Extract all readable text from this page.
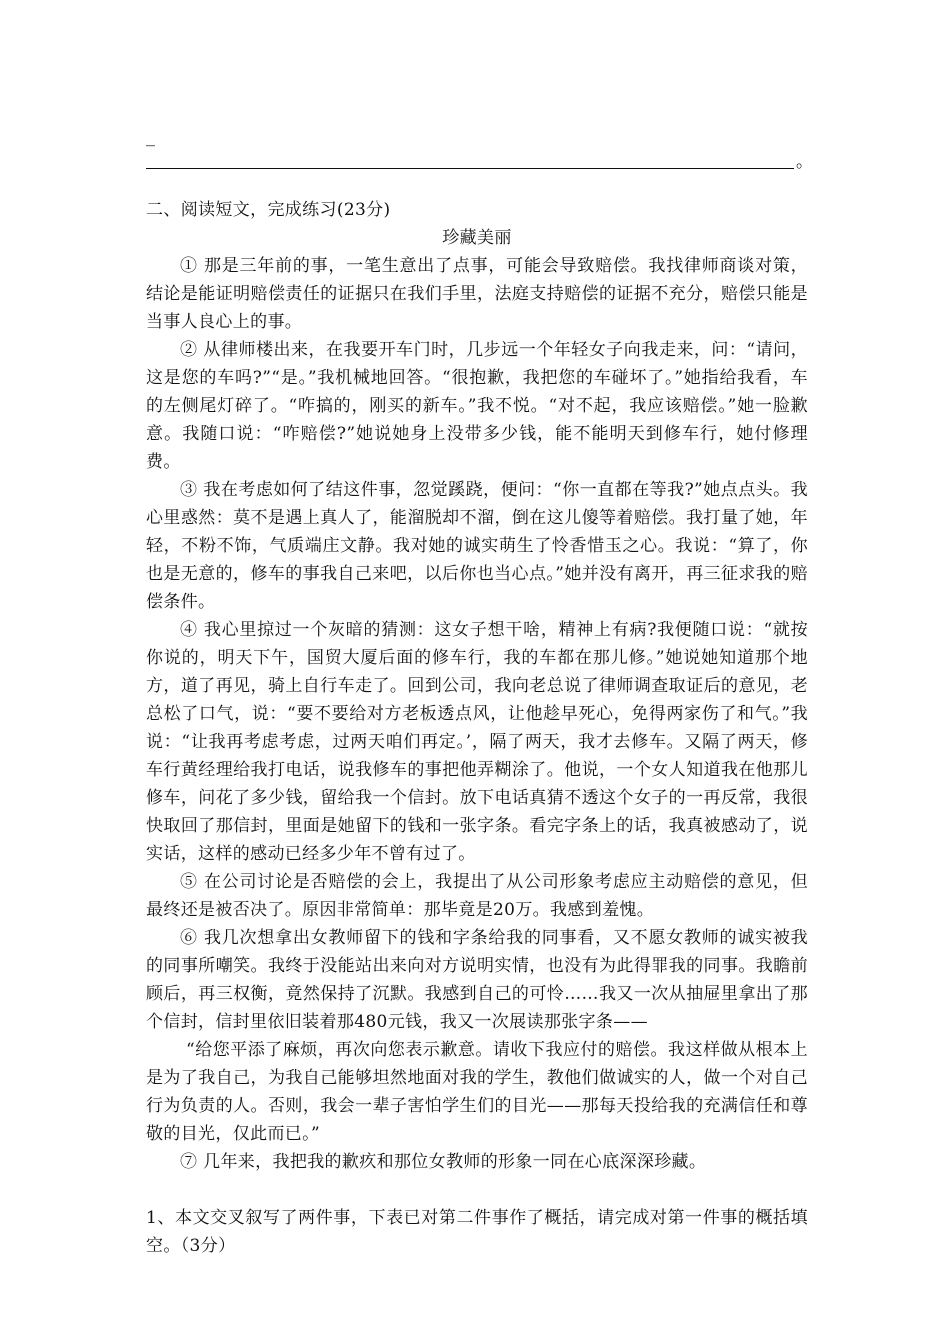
_
。

二、阅读短文，完成练习(23分)

珍藏美丽

① 那是三年前的事，一笔生意出了点事，可能会导致赔偿。我找律师商谈对策，结论是能证明赔偿责任的证据只在我们手里，法庭支持赔偿的证据不充分，赔偿只能是当事人良心上的事。

② 从律师楼出来，在我要开车门时，几步远一个年轻女子向我走来，问：“请问，这是您的车吗?”“是。”我机械地回答。“很抱歉，我把您的车碰坏了。”她指给我看，车的左侧尾灯碎了。“咋搞的，刚买的新车。”我不悦。“对不起，我应该赔偿。”她一脸歉意。我随口说：“咋赔偿?”她说她身上没带多少钱，能不能明天到修车行，她付修理费。

③ 我在考虑如何了结这件事，忽觉蹊跷，便问：“你一直都在等我?”她点点头。我心里惑然：莫不是遇上真人了，能溜脱却不溜，倒在这儿傻等着赔偿。我打量了她，年轻，不粉不饰，气质端庄文静。我对她的诚实萌生了怜香惜玉之心。我说：“算了，你也是无意的，修车的事我自己来吧，以后你也当心点。”她并没有离开，再三征求我的赔偿条件。

④ 我心里掠过一个灰暗的猜测：这女子想干啥，精神上有病?我便随口说：“就按你说的，明天下午，国贸大厦后面的修车行，我的车都在那儿修。”她说她知道那个地方，道了再见，骑上自行车走了。回到公司，我向老总说了律师调查取证后的意见，老总松了口气，说：“要不要给对方老板透点风，让他趁早死心，免得两家伤了和气。”我说：“让我再考虑考虑，过两天咱们再定。’，隔了两天，我才去修车。又隔了两天，修车行黄经理给我打电话，说我修车的事把他弄糊涂了。他说，一个女人知道我在他那儿修车，问花了多少钱，留给我一个信封。放下电话真猜不透这个女子的一再反常，我很快取回了那信封，里面是她留下的钱和一张字条。看完字条上的话，我真被感动了，说实话，这样的感动已经多少年不曾有过了。

⑤ 在公司讨论是否赔偿的会上，我提出了从公司形象考虑应主动赔偿的意见，但最终还是被否决了。原因非常简单：那毕竟是20万。我感到羞愧。

⑥ 我几次想拿出女教师留下的钱和字条给我的同事看，又不愿女教师的诚实被我的同事所嘲笑。我终于没能站出来向对方说明实情，也没有为此得罪我的同事。我瞻前顾后，再三权衡，竟然保持了沉默。我感到自己的可怜……我又一次从抽屉里拿出了那个信封，信封里依旧装着那480元钱，我又一次展读那张字条——

“给您平添了麻烦，再次向您表示歉意。请收下我应付的赔偿。我这样做从根本上是为了我自己，为我自己能够坦然地面对我的学生，教他们做诚实的人，做一个对自己行为负责的人。否则，我会一辈子害怕学生们的目光——那每天投给我的充满信任和尊敬的目光，仅此而已。”

⑦ 几年来，我把我的歉疚和那位女教师的形象一同在心底深深珍藏。

1、本文交叉叙写了两件事，下表已对第二件事作了概括，请完成对第一件事的概括填空。（3分）
